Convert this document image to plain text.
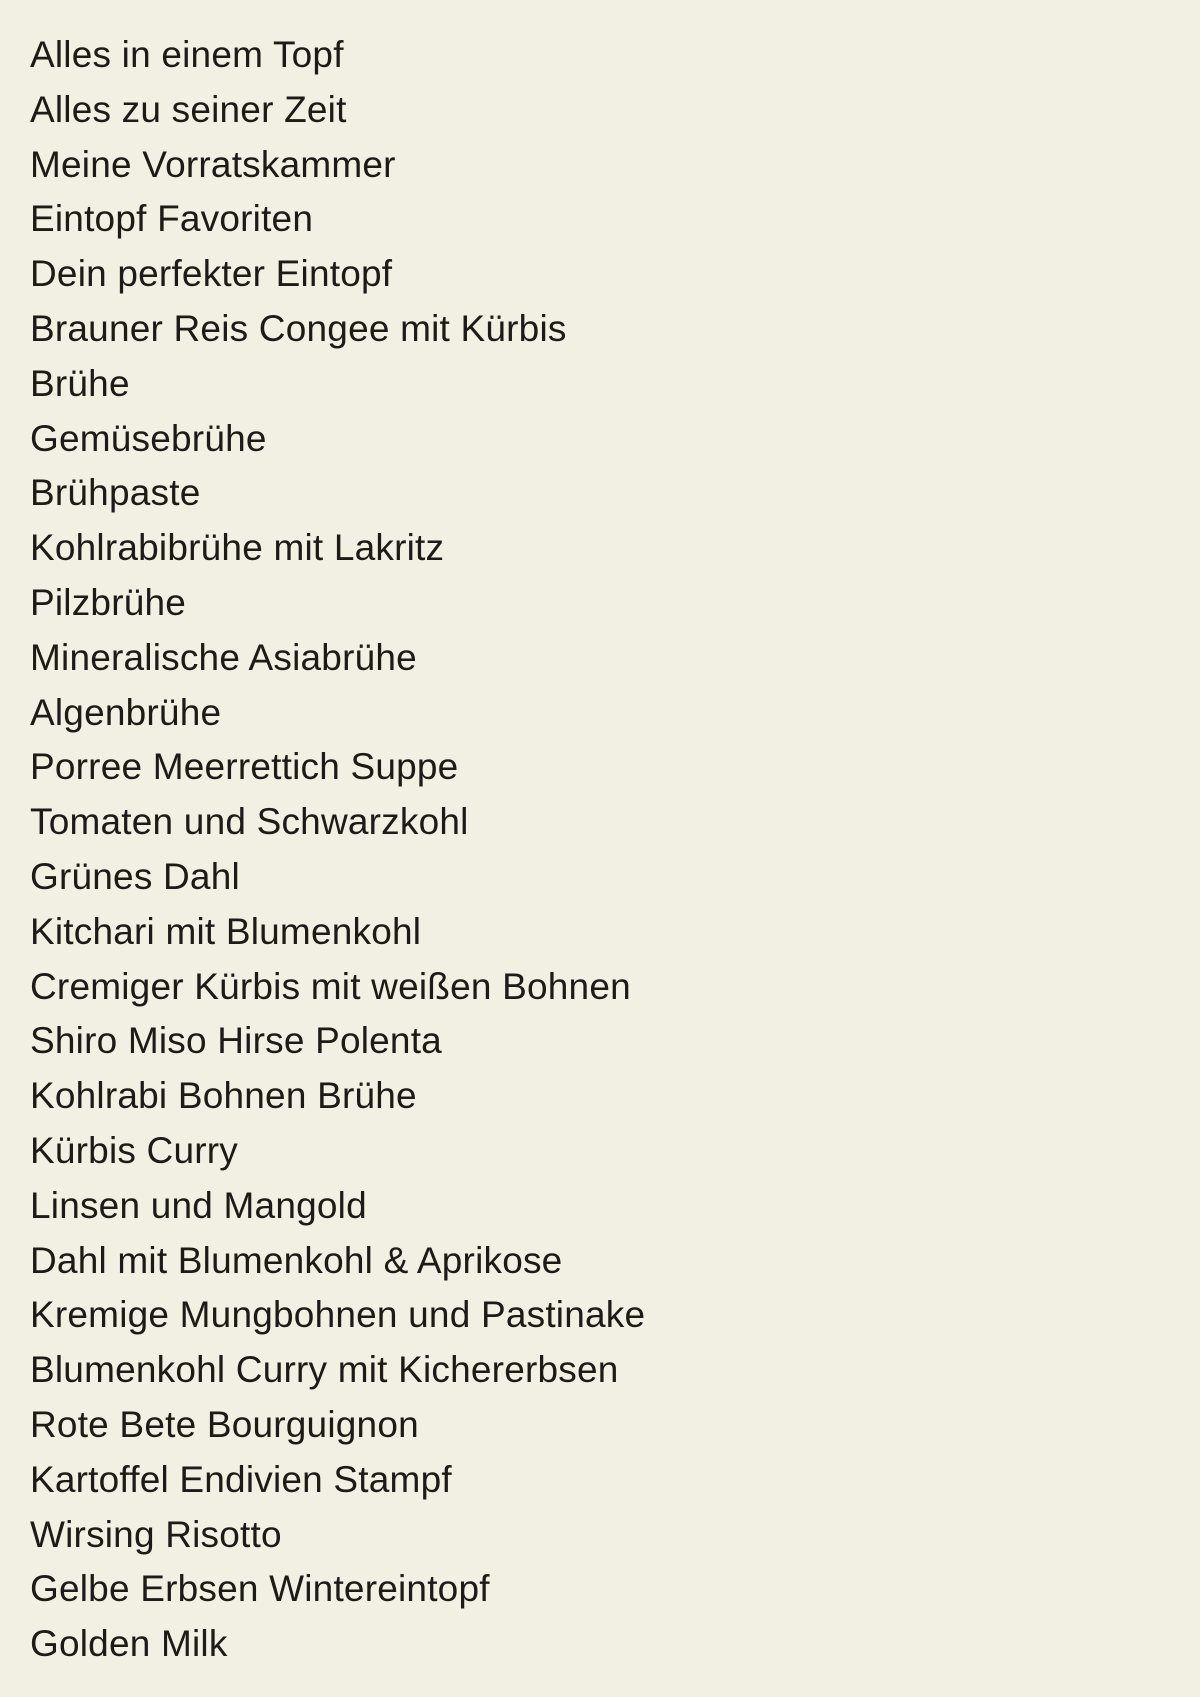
Alles in einem Topf
Alles zu seiner Zeit
Meine Vorratskammer
Eintopf Favoriten
Dein perfekter Eintopf
Brauner Reis Congee mit Kürbis
Brühe
Gemüsebrühe
Brühpaste
Kohlrabibrühe mit Lakritz
Pilzbrühe
Mineralische Asiabrühe
Algenbrühe
Porree Meerrettich Suppe
Tomaten und Schwarzkohl
Grünes Dahl
Kitchari mit Blumenkohl
Cremiger Kürbis mit weißen Bohnen
Shiro Miso Hirse Polenta
Kohlrabi Bohnen Brühe
Kürbis Curry
Linsen und Mangold
Dahl mit Blumenkohl & Aprikose
Kremige Mungbohnen und Pastinake
Blumenkohl Curry mit Kichererbsen
Rote Bete Bourguignon
Kartoffel Endivien Stampf
Wirsing Risotto
Gelbe Erbsen Wintereintopf
Golden Milk
